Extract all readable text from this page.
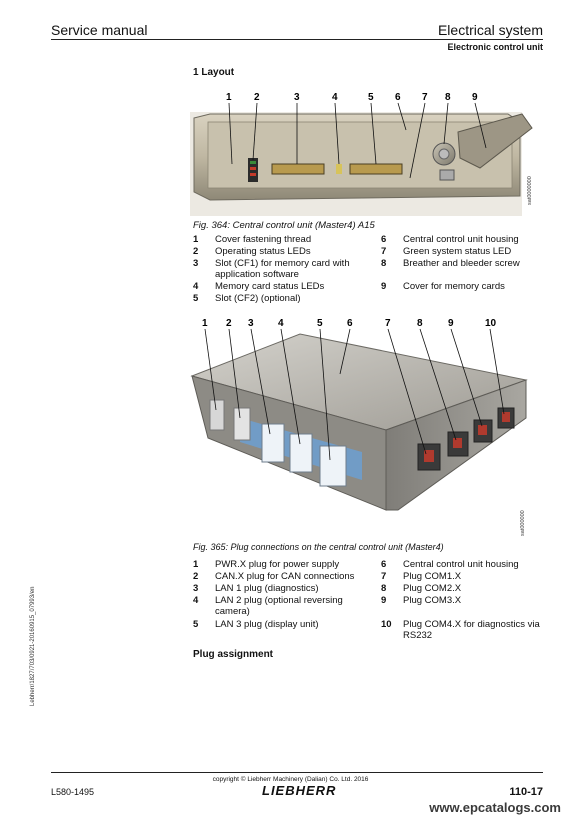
Service manual	Electrical system
Electronic control unit
1 Layout
1 2	3	4	5 6 7 8 9
sat0000000
Fig. 364: Central control unit (Master4) A15
1 Cover fastening thread
2 Operating status LEDs
3 Slot (CF1) for memory card with application software
4 Memory card status LEDs
5 Slot (CF2) (optional)
6 Central control unit housing
7 Green system status LED
8 Breather and bleeder screw
9 Cover for memory cards
1 2 3 4	5 6	7	8	9	10
sat000000
Fig. 365: Plug connections on the central control unit (Master4)
1 PWR.X plug for power supply
2 CAN.X plug for CAN connections
3 LAN 1 plug (diagnostics)
4 LAN 2 plug (optional reversing camera)
5 LAN 3 plug (display unit)
6 Central control unit housing
7 Plug COM1.X
8 Plug COM2.X
9 Plug COM3.X
10 Plug COM4.X for diagnostics via RS232
Plug assignment
Lebherr/1827/703/0921-20160915_07993/en
copyright © Liebherr Machinery (Dalian) Co. Ltd. 2016
L580-1495	LIEBHERR	110-17
www.epcatalogs.com
